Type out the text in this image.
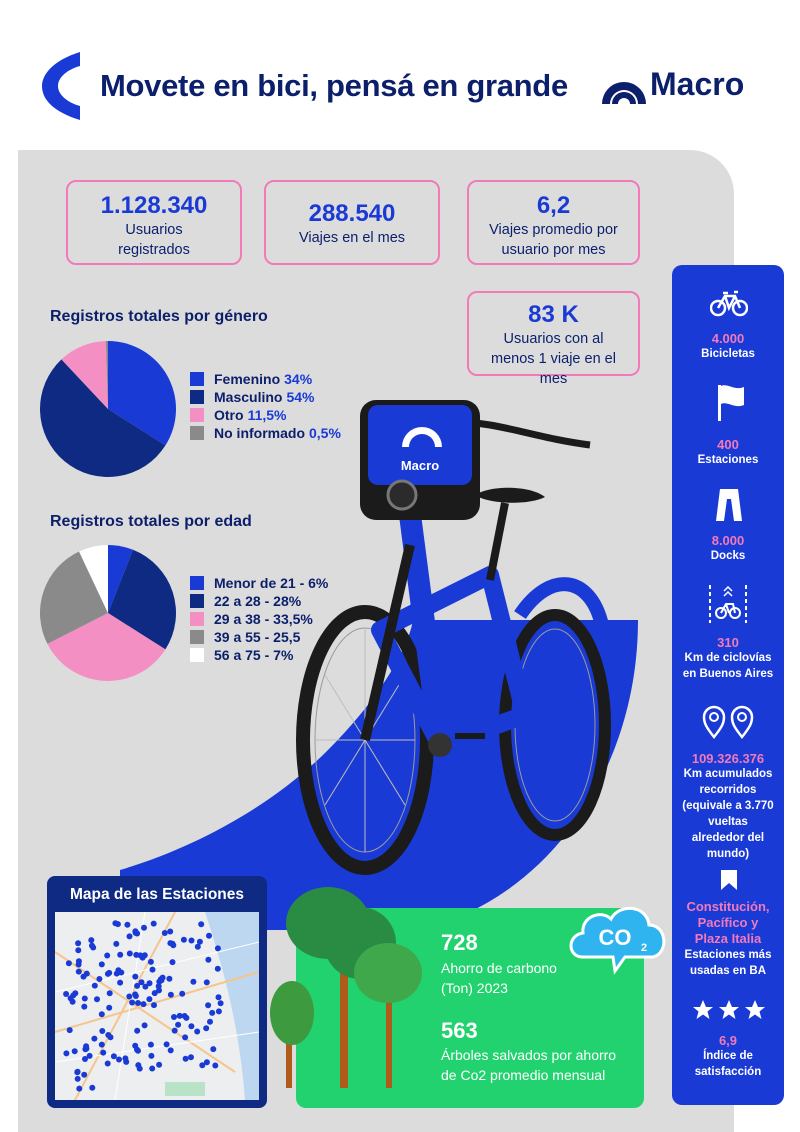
Movete en bici, pensá en grande	Macro
1.128.340
Usuarios registrados
288.540
Viajes en el mes
6,2
Viajes promedio por usuario por mes
83 K
Usuarios con al menos 1 viaje en el mes
Registros totales por género
Femenino 34%
Masculino 54%
Otro 11,5%
No informado 0,5%
Registros totales por edad
Menor de 21 - 6%
22 a 28 - 28%
29 a 38 - 33,5%
39 a 55 - 25,5
56 a 75 - 7%
Macro
Mapa de las Estaciones
728
Ahorro de carbono
(Ton) 2023
563
Árboles salvados por ahorro
de Co2 promedio mensual
CO 2
4.000
Bicicletas
400
Estaciones
8.000
Docks
310
Km de ciclovías en Buenos Aires
109.326.376
Km acumulados recorridos (equivale a 3.770 vueltas alrededor del mundo)
Constitución, Pacífico y Plaza Italia
Estaciones más usadas en BA
6,9
Índice de satisfacción
